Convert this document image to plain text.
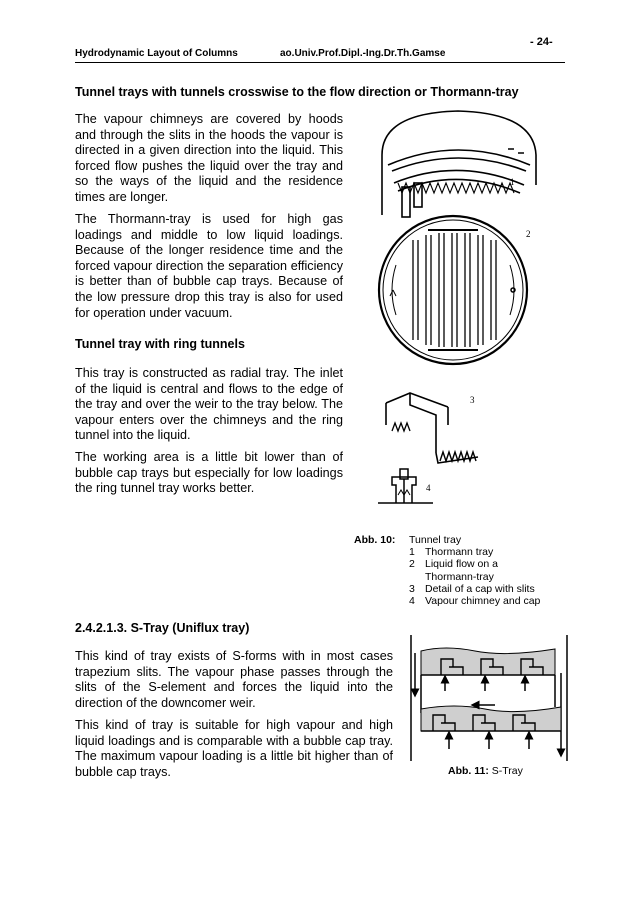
- 24-
Hydrodynamic Layout of Columns	ao.Univ.Prof.Dipl.-Ing.Dr.Th.Gamse
Tunnel trays with tunnels crosswise to the flow direction or Thormann-tray
The vapour chimneys are covered by hoods and through the slits in the hoods the vapour is directed in a given direction into the liquid. This forced flow pushes the liquid over the tray and so the ways of the liquid and the residence times are longer.
The Thormann-tray is used for high gas loadings and middle to low liquid loadings. Because of the longer residence time and the forced vapour direction the separation efficiency is better than of bubble cap trays. Because of the low pressure drop this tray is also for used for operation under vacuum.
Tunnel tray with ring tunnels
This tray is constructed as radial tray. The inlet of the liquid is central and flows to the edge of the tray and over the weir to the tray below. The vapour enters over the chimneys and the ring tunnel into the liquid.
The working area is a little bit lower than of bubble cap trays but especially for low loadings the ring tunnel tray works better.
1
2
3
4
Abb. 10: Tunnel tray
1 Thormann tray
2 Liquid flow on a
Thormann-tray
3 Detail of a cap with slits
4 Vapour chimney and cap
2.4.2.1.3. S-Tray (Uniflux tray)
This kind of tray exists of S-forms with in most cases trapezium slits. The vapour phase passes through the slits of the S-element and forces the liquid into the direction of the downcomer weir.
This kind of tray is suitable for high vapour and high liquid loadings and is comparable with a bubble cap tray. The maximum vapour loading is a little bit higher than of bubble cap trays.	Abb. 11: S-Tray
